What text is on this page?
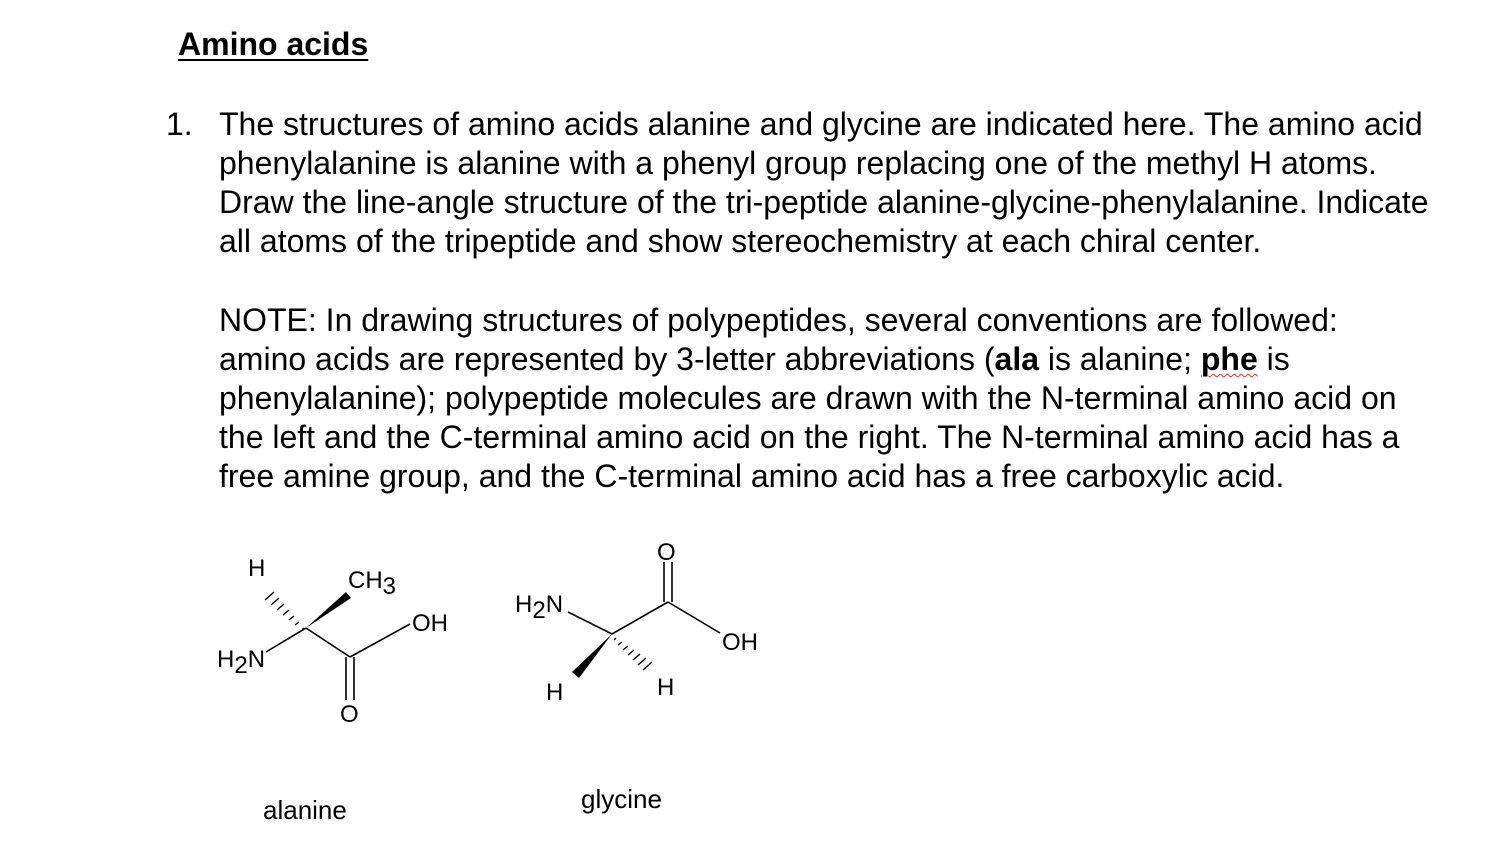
Amino acids
1. The structures of amino acids alanine and glycine are indicated here. The amino acid
phenylalanine is alanine with a phenyl group replacing one of the methyl H atoms.
Draw the line-angle structure of the tri-peptide alanine-glycine-phenylalanine. Indicate
all atoms of the tripeptide and show stereochemistry at each chiral center.
NOTE: In drawing structures of polypeptides, several conventions are followed:
amino acids are represented by 3-letter abbreviations (ala is alanine; phe is
phenylalanine); polypeptide molecules are drawn with the N-terminal amino acid on
the left and the C-terminal amino acid on the right. The N-terminal amino acid has a
free amine group, and the C-terminal amino acid has a free carboxylic acid.
H	CH3
H2N
OH
O
H2N
O
OH
H	H
alanine	glycine
